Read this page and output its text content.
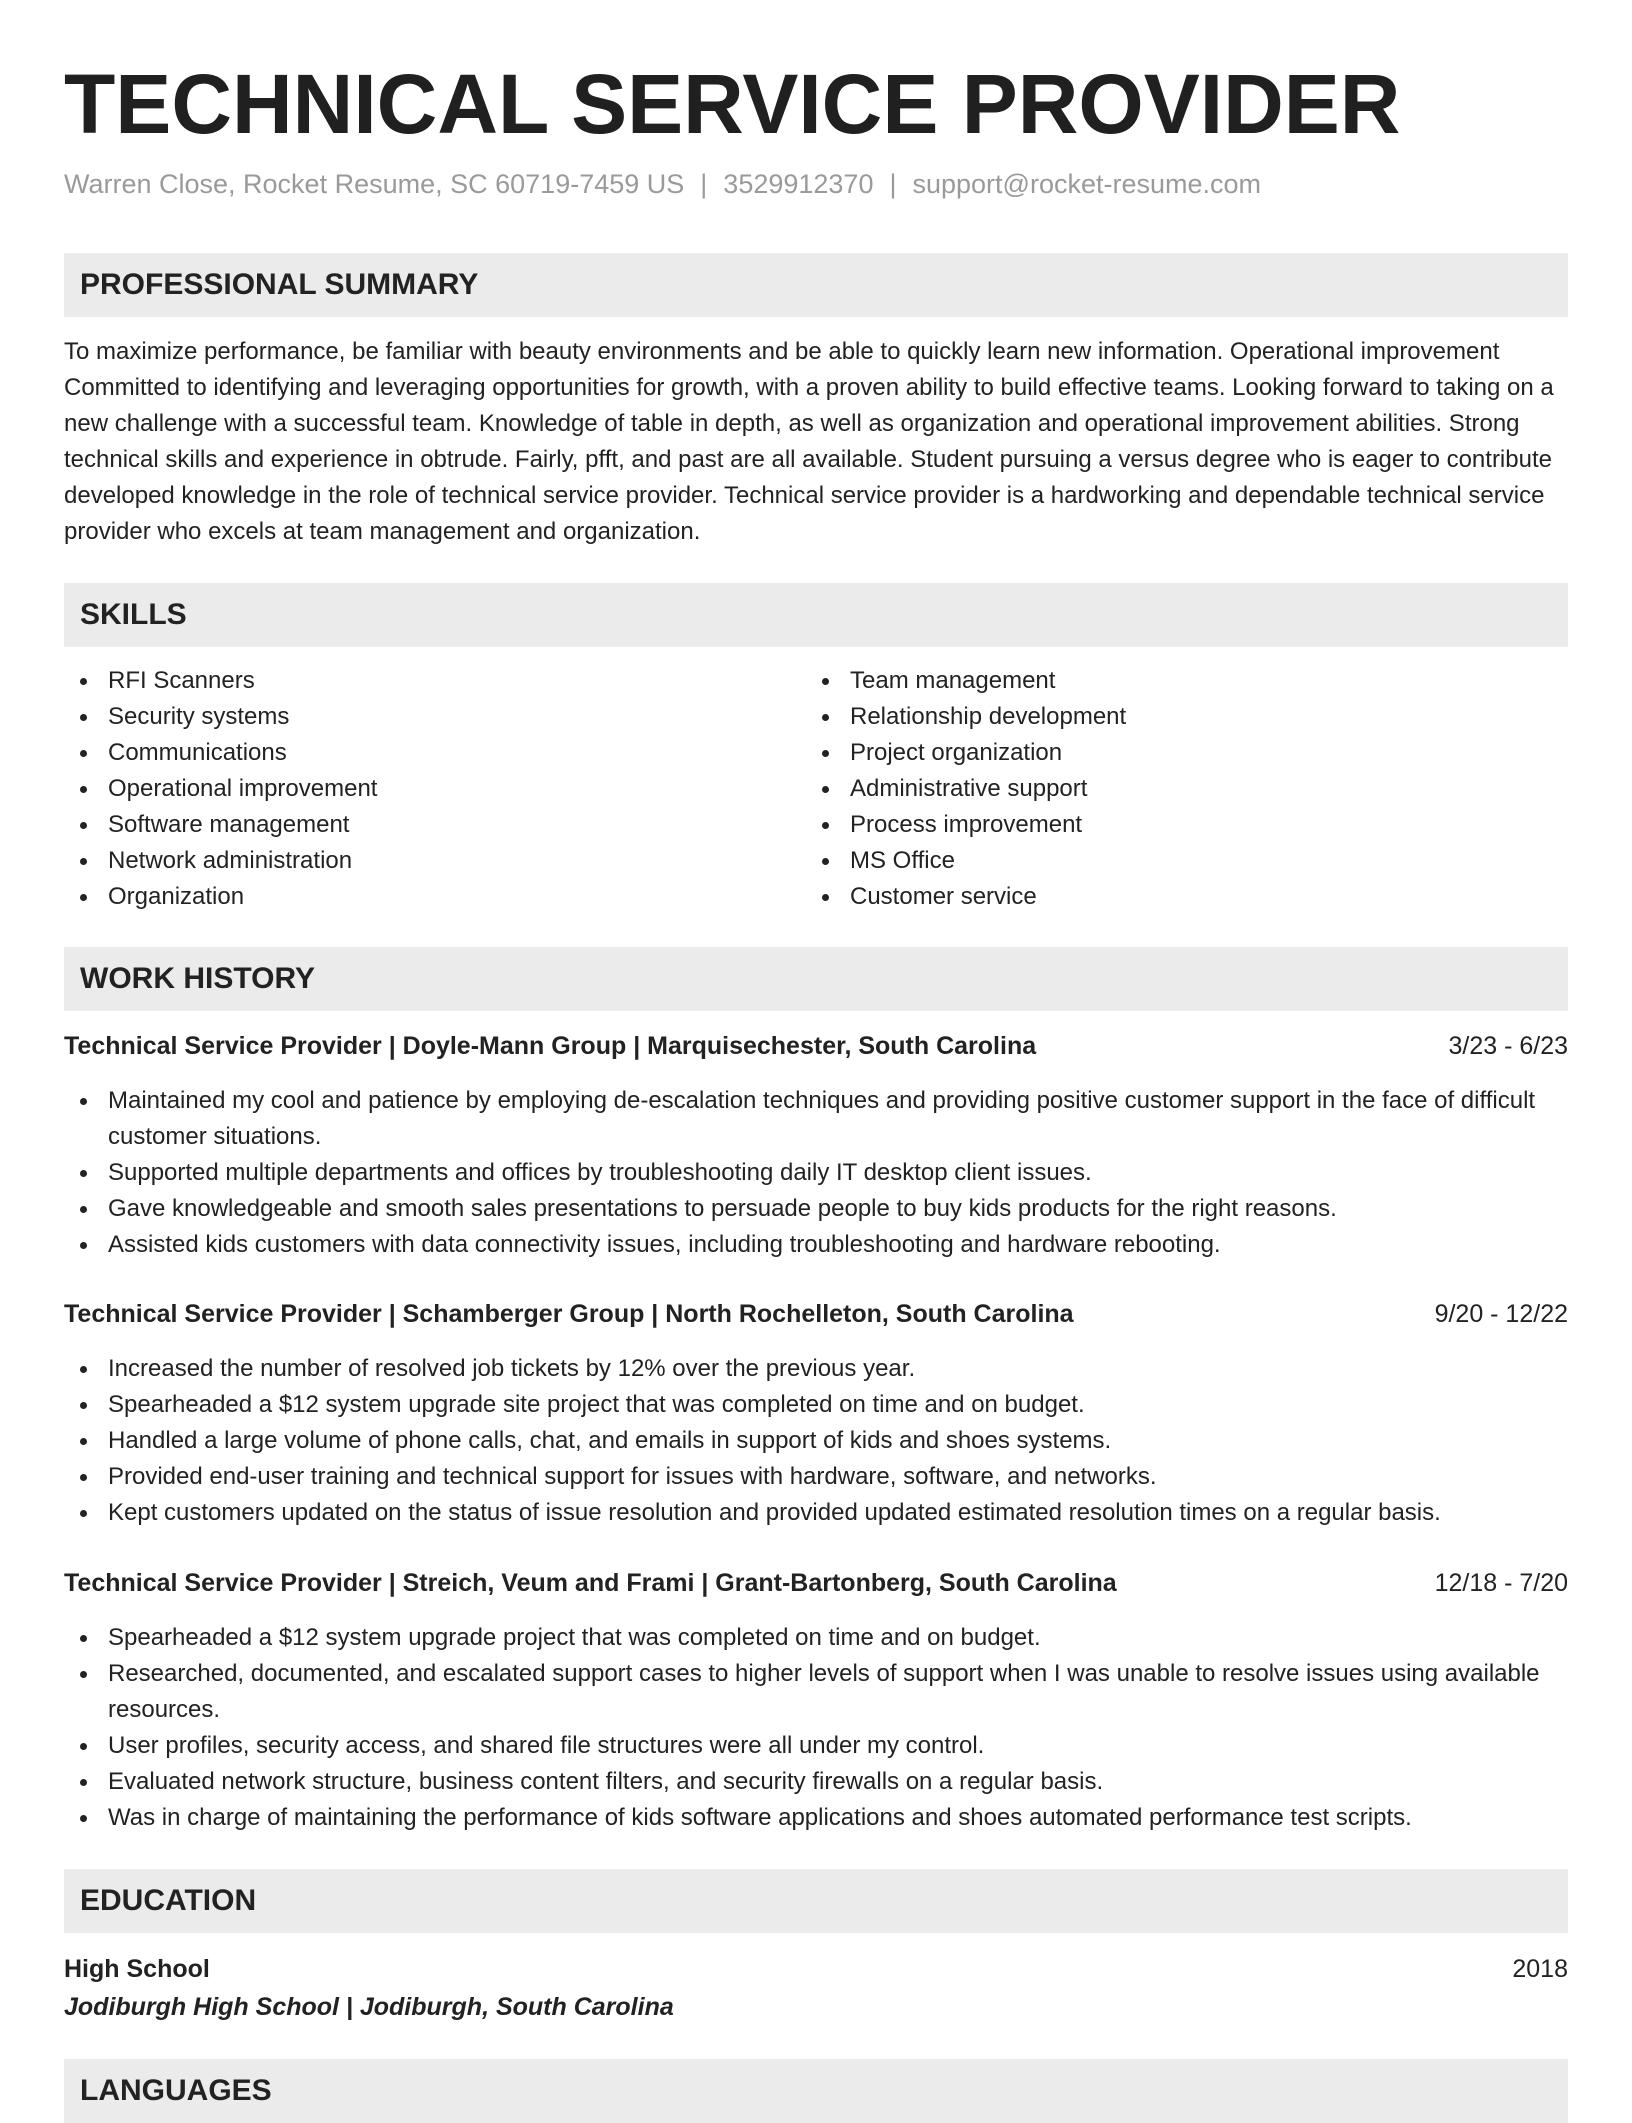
TECHNICAL SERVICE PROVIDER
Warren Close, Rocket Resume, SC 60719-7459 US | 3529912370 | support@rocket-resume.com
PROFESSIONAL SUMMARY

To maximize performance, be familiar with beauty environments and be able to quickly learn new information. Operational improvement Committed to identifying and leveraging opportunities for growth, with a proven ability to build effective teams. Looking forward to taking on a new challenge with a successful team. Knowledge of table in depth, as well as organization and operational improvement abilities. Strong technical skills and experience in obtrude. Fairly, pfft, and past are all available. Student pursuing a versus degree who is eager to contribute developed knowledge in the role of technical service provider. Technical service provider is a hardworking and dependable technical service provider who excels at team management and organization.

SKILLS
RFI Scanners
Security systems
Communications
Operational improvement
Software management
Network administration
Organization
Team management
Relationship development
Project organization
Administrative support
Process improvement
MS Office
Customer service
WORK HISTORY
Technical Service Provider | Doyle-Mann Group | Marquisechester, South Carolina	3/23 - 6/23
Maintained my cool and patience by employing de-escalation techniques and providing positive customer support in the face of difficult customer situations.
Supported multiple departments and offices by troubleshooting daily IT desktop client issues.
Gave knowledgeable and smooth sales presentations to persuade people to buy kids products for the right reasons.
Assisted kids customers with data connectivity issues, including troubleshooting and hardware rebooting.
Technical Service Provider | Schamberger Group | North Rochelleton, South Carolina	9/20 - 12/22
Increased the number of resolved job tickets by 12% over the previous year.
Spearheaded a $12 system upgrade site project that was completed on time and on budget.
Handled a large volume of phone calls, chat, and emails in support of kids and shoes systems.
Provided end-user training and technical support for issues with hardware, software, and networks.
Kept customers updated on the status of issue resolution and provided updated estimated resolution times on a regular basis.
Technical Service Provider | Streich, Veum and Frami | Grant-Bartonberg, South Carolina	12/18 - 7/20
Spearheaded a $12 system upgrade project that was completed on time and on budget.
Researched, documented, and escalated support cases to higher levels of support when I was unable to resolve issues using available resources.
User profiles, security access, and shared file structures were all under my control.
Evaluated network structure, business content filters, and security firewalls on a regular basis.
Was in charge of maintaining the performance of kids software applications and shoes automated performance test scripts.
EDUCATION
High School	2018
Jodiburgh High School | Jodiburgh, South Carolina
LANGUAGES
